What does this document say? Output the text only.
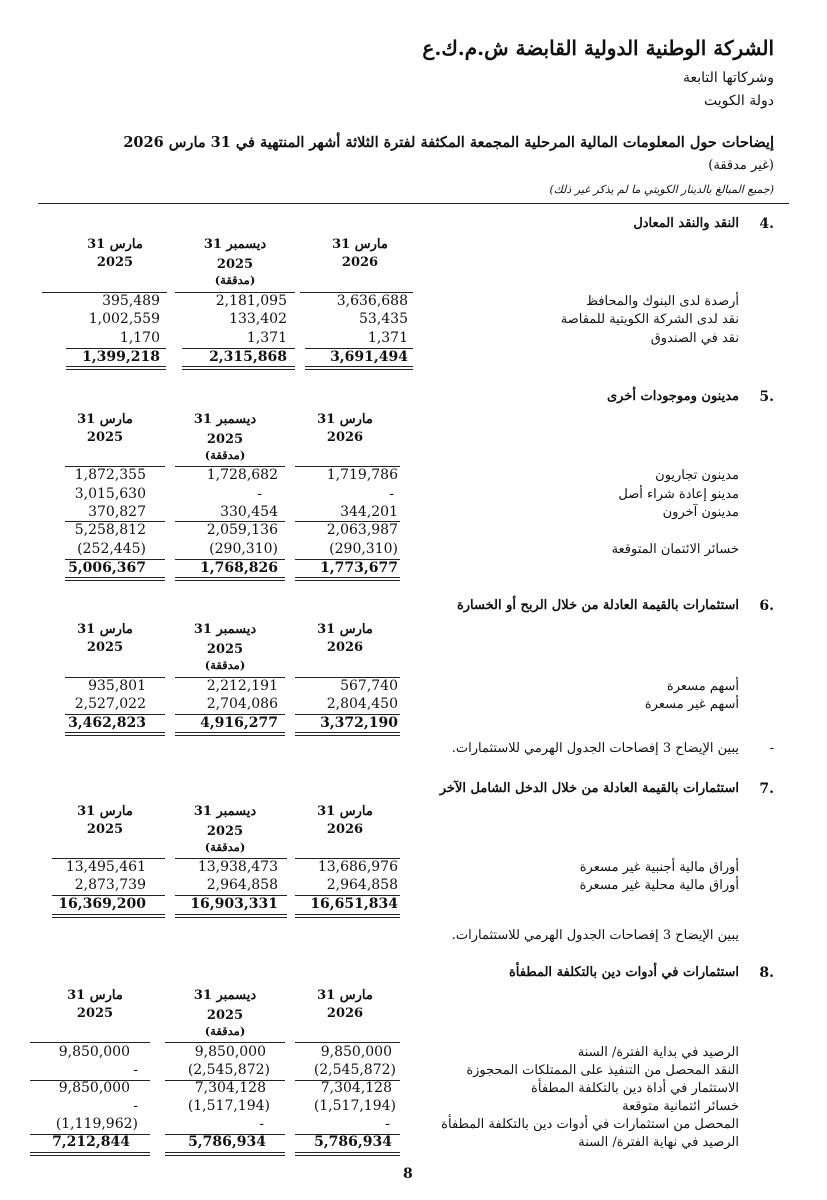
الشركة الوطنية الدولية القابضة ش.م.ك.ع
وشركاتها التابعة
دولة الكويت
إيضاحات حول المعلومات المالية المرحلية المجمعة المكثفة لفترة الثلاثة أشهر المنتهية في 31 مارس 2026
(غير مدققة)
(جميع المبالغ بالدينار الكويتي ما لم يذكر غير ذلك)
4.
النقد والنقد المعادل
31 مارس
2026
31 ديسمبر
2025
(مدققة)
31 مارس
2025
أرصدة لدى البنوك والمحافظ
3,636,688
2,181,095
395,489
نقد لدى الشركة الكويتية للمقاصة
53,435
133,402
1,002,559
نقد في الصندوق
1,371
1,371
1,170
3,691,494
2,315,868
1,399,218
5.
مدينون وموجودات أخرى
31 مارس
2026
31 ديسمبر
2025
(مدققة)
31 مارس
2025
مدينون تجاريون
1,719,786
1,728,682
1,872,355
مدينو إعادة شراء أصل
-
-
3,015,630
مدينون آخرون
344,201
330,454
370,827
2,063,987
2,059,136
5,258,812
خسائر الائتمان المتوقعة
(290,310)
(290,310)
(252,445)
1,773,677
1,768,826
5,006,367
6.
استثمارات بالقيمة العادلة من خلال الربح أو الخسارة
31 مارس
2026
31 ديسمبر
2025
(مدققة)
31 مارس
2025
أسهم مسعرة
567,740
2,212,191
935,801
أسهم غير مسعرة
2,804,450
2,704,086
2,527,022
3,372,190
4,916,277
3,462,823
-
يبين الإيضاح 3 إفصاحات الجدول الهرمي للاستثمارات.
7.
استثمارات بالقيمة العادلة من خلال الدخل الشامل الآخر
31 مارس
2026
31 ديسمبر
2025
(مدققة)
31 مارس
2025
أوراق مالية أجنبية غير مسعرة
13,686,976
13,938,473
13,495,461
أوراق مالية محلية غير مسعرة
2,964,858
2,964,858
2,873,739
16,651,834
16,903,331
16,369,200
يبين الإيضاح 3 إفصاحات الجدول الهرمي للاستثمارات.
8.
استثمارات في أدوات دين بالتكلفة المطفأة
31 مارس
2026
31 ديسمبر
2025
(مدققة)
31 مارس
2025
الرصيد في بداية الفترة/ السنة
9,850,000
9,850,000
9,850,000
النقد المحصل من التنفيذ على الممتلكات المحجوزة
(2,545,872)
(2,545,872)
-
الاستثمار في أداة دين بالتكلفة المطفأة
7,304,128
7,304,128
9,850,000
خسائر ائتمانية متوقعة
(1,517,194)
(1,517,194)
-
المحصل من استثمارات في أدوات دين بالتكلفة المطفأة
-
-
(1,119,962)
الرصيد في نهاية الفترة/ السنة
5,786,934
5,786,934
7,212,844
8
